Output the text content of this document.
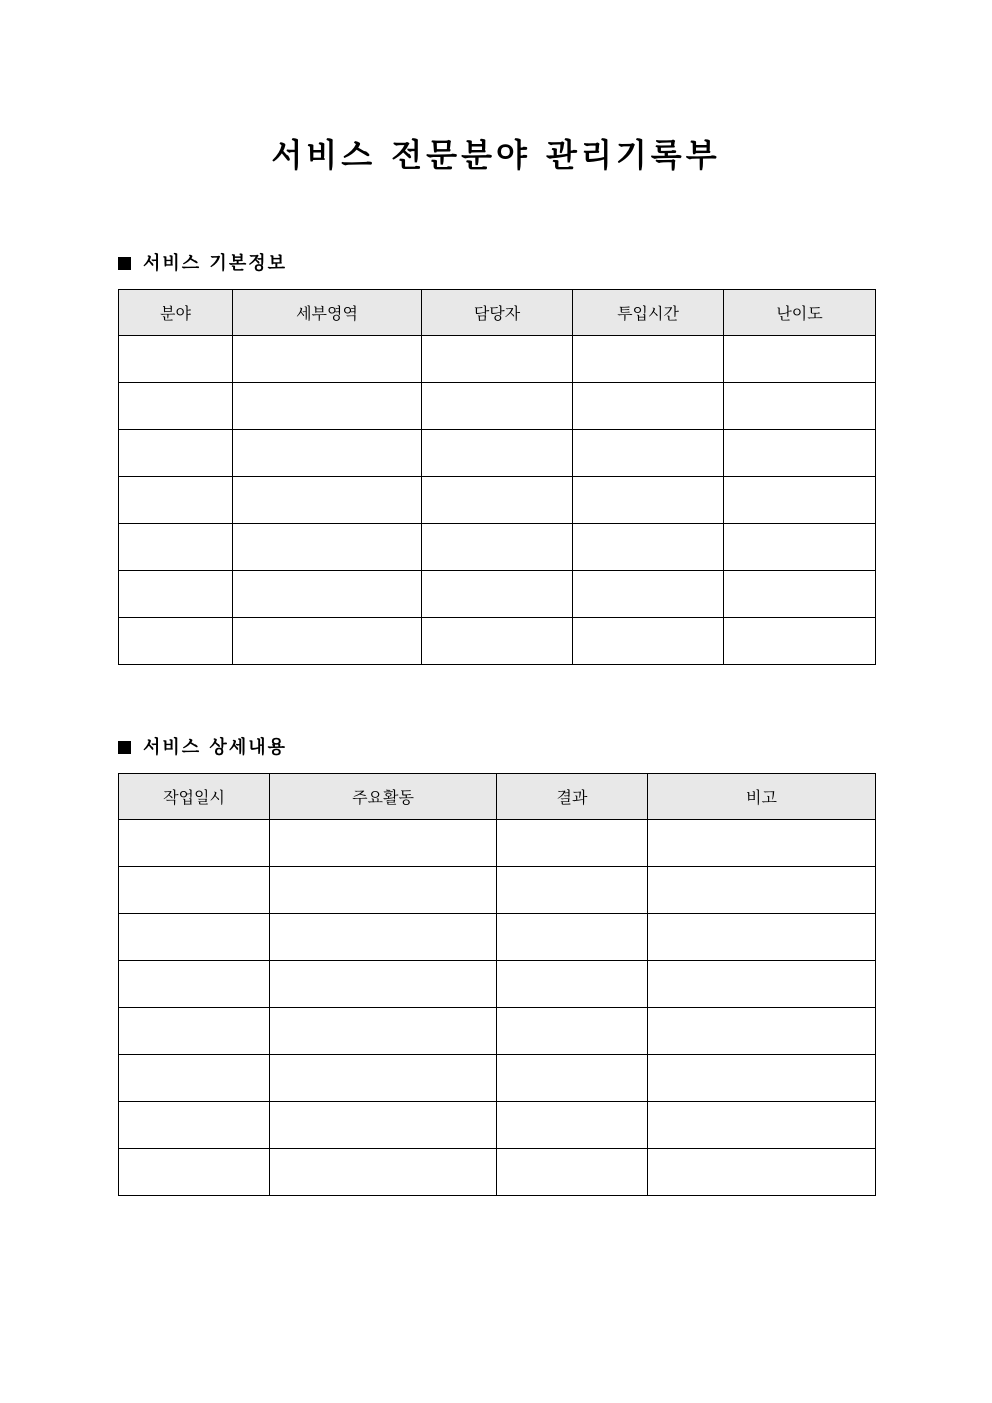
서비스 전문분야 관리기록부
서비스 기본정보
분야	세부영역	담당자	투입시간	난이도

서비스 상세내용
작업일시	주요활동	결과	비고
